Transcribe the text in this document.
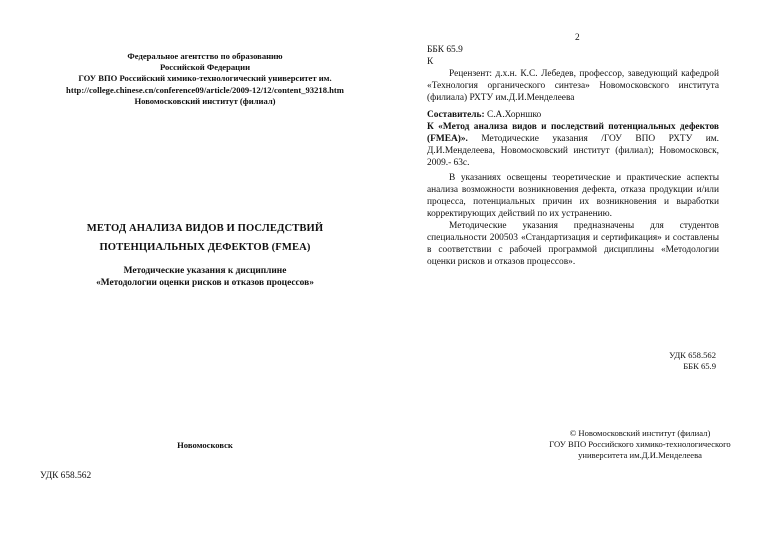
Федеральное агентство по образованию
Российской Федерации
ГОУ ВПО Российский химико-технологический университет им.
http://college.chinese.cn/conference09/article/2009-12/12/content_93218.htm
Новомосковский институт (филиал)
МЕТОД АНАЛИЗА ВИДОВ И ПОСЛЕДСТВИЙ
ПОТЕНЦИАЛЬНЫХ ДЕФЕКТОВ (FMEA)
Методические указания к дисциплине
«Методологии оценки рисков и отказов процессов»
Новомосковск
УДК 658.562
2
ББК 65.9
К

Рецензент: д.х.н. К.С. Лебедев, профессор, заведующий кафедрой «Технология органического синтеза» Новомосковского института (филиала) РХТУ им.Д.И.Менделеева

Составитель: С.А.Хорншко

К «Метод анализа видов и последствий потенциальных дефектов (FMEA)». Методические указания /ГОУ ВПО РХТУ им. Д.И.Менделеева, Новомосковский институт (филиал); Новомосковск, 2009.- 63с.

В указаниях освещены теоретические и практические аспекты анализа возможности возникновения дефекта, отказа продукции и/или процесса, потенциальных причин их возникновения и выработки корректирующих действий по их устранению.

Методические указания предназначены для студентов специальности 200503 «Стандартизация и сертификация» и составлены в соответствии с рабочей программой дисциплины «Методологии оценки рисков и отказов процессов».

УДК 658.562
ББК 65.9
© Новомосковский институт (филиал)
ГОУ ВПО Российского химико-технологического
университета им.Д.И.Менделеева
